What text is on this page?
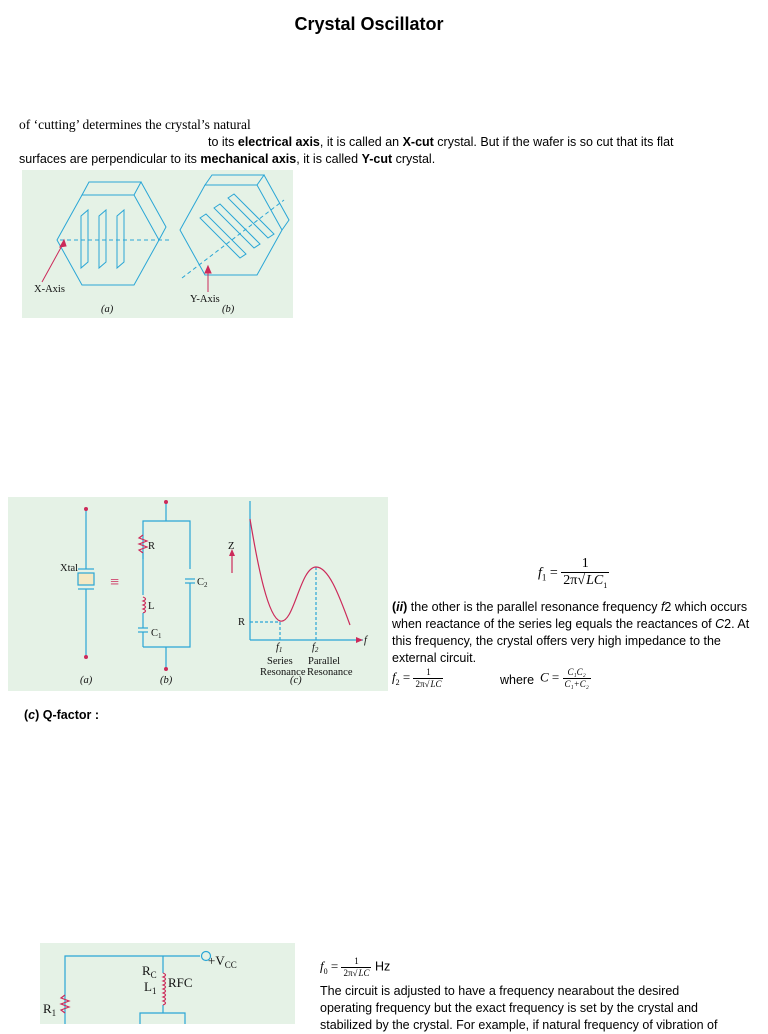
Crystal Oscillator
of ‘cutting’ determines the crystal’s natural
to its electrical axis, it is called an X-cut crystal. But if the wafer is so cut that its flat
surfaces are perpendicular to its mechanical axis, it is called Y-cut crystal.
X-Axis
Y-Axis
(a)	(b)
Xtal
≡
R
L
C1
C2
(a)	(b)	(c)
Z
R
f
f1	f2
Series
Resonance
Parallel
Resonance
$f_1 = \frac{1}{2\pi√LC_1}$
(ii) the other is the parallel resonance frequency f2 which occurs when reactance of the series leg equals the reactances of C2. At this frequency, the crystal offers very high impedance to the external circuit.
$f_2 = \frac{1}{2\pi√LC}$	where $C = \frac{\text{C₁C₂}}{\text{C₁+C₂}}$
(c) Q-factor :
$+V_{CC}$
$R_C$
$L_1$
RFC
$R_1$
$f_0 = \frac{1}{2\pi√LC}$ Hz
The circuit is adjusted to have a frequency nearabout the desired
operating frequency but the exact frequency is set by the crystal and
stabilized by the crystal. For example, if natural frequency of vibration of
